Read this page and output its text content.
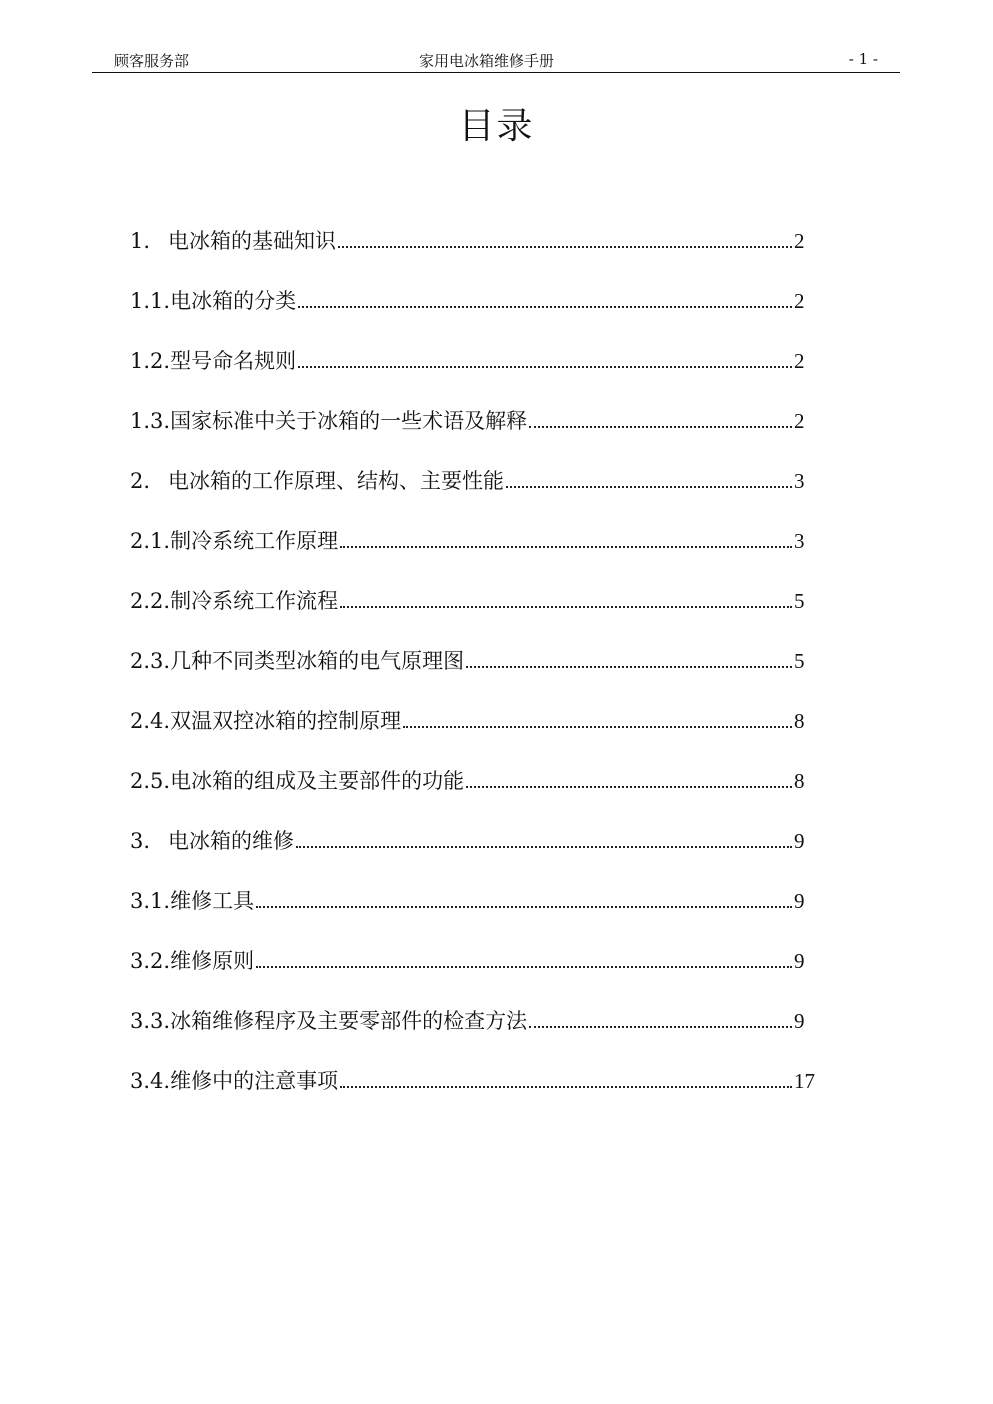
顾客服务部	家用电冰箱维修手册	- 1 -
目录
1. 电冰箱的基础知识	2
1.1. 电冰箱的分类	2
1.2. 型号命名规则	2
1.3. 国家标准中关于冰箱的一些术语及解释	2
2. 电冰箱的工作原理、结构、主要性能	3
2.1. 制冷系统工作原理	3
2.2. 制冷系统工作流程	5
2.3. 几种不同类型冰箱的电气原理图	5
2.4. 双温双控冰箱的控制原理	8
2.5. 电冰箱的组成及主要部件的功能	8
3. 电冰箱的维修	9
3.1. 维修工具	9
3.2. 维修原则	9
3.3. 冰箱维修程序及主要零部件的检查方法	9
3.4. 维修中的注意事项	17
